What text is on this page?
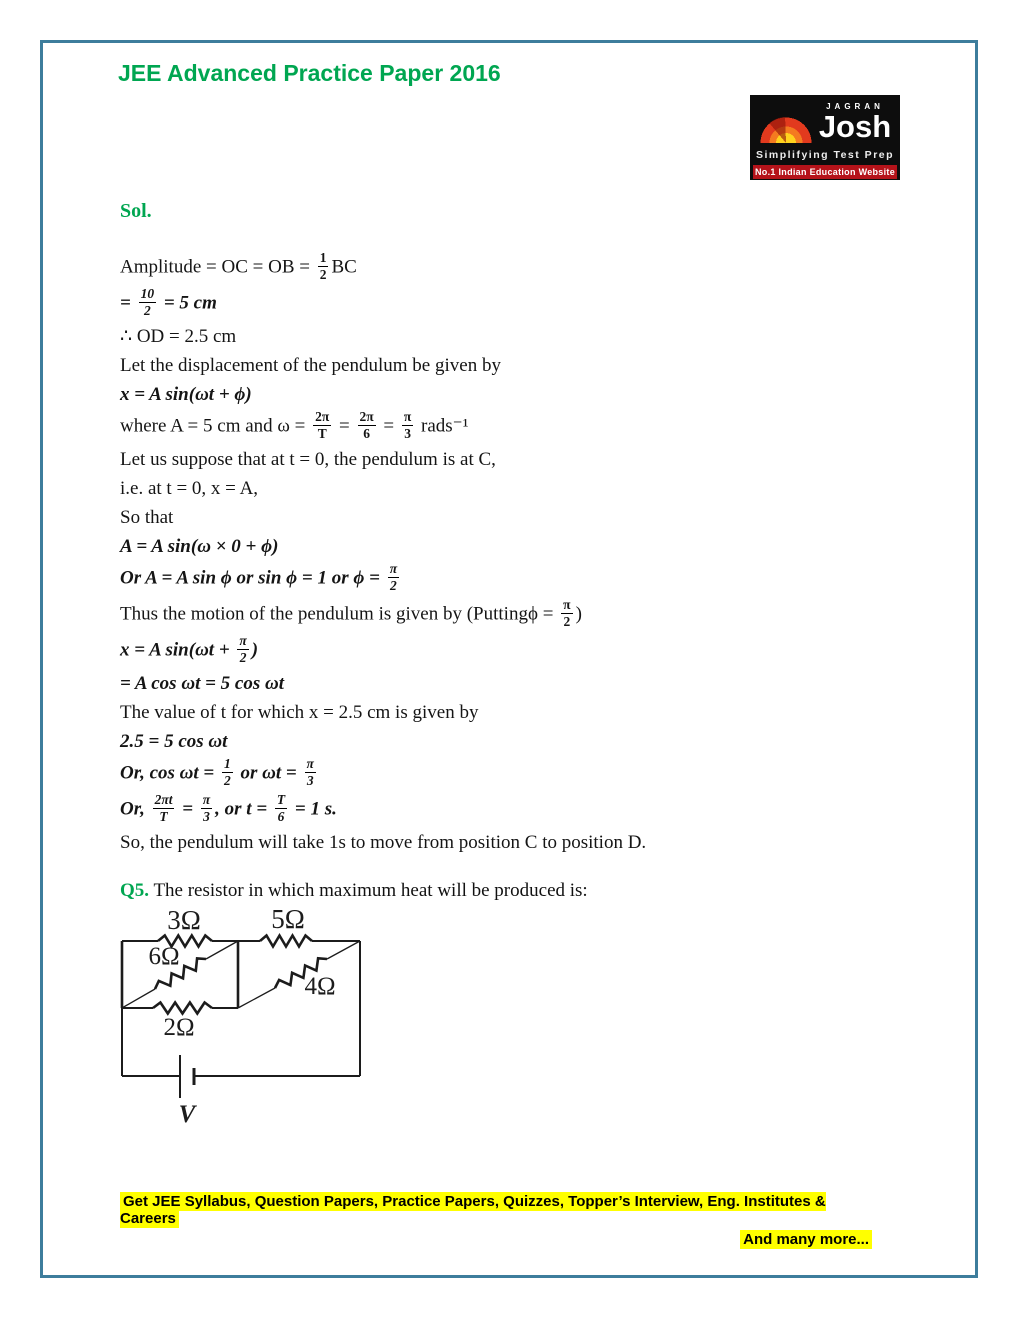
JEE Advanced Practice Paper 2016
JAGRAN
Josh
Simplifying Test Prep
No.1 Indian Education Website
Sol.
Amplitude = OC = OB = $\frac{1}{2}$ BC
= $\frac{10}{2} = 5$ cm
∴ OD = 2.5 cm
Let the displacement of the pendulum be given by
x = A sin(ωt + ϕ)
where A = 5 cm and $\omega = \frac{2\pi}{T} = \frac{2\pi}{6} = \frac{\pi}{3}$ rads⁻¹
Let us suppose that at t = 0, the pendulum is at C,
i.e. at t = 0, x = A,
So that
A = A sin(ω × 0 + ϕ)
Or A = A sin ϕ or sin ϕ = 1 or $\phi = \frac{\pi}{2}$
Thus the motion of the pendulum is given by (Puttingϕ = $\frac{\pi}{2}$ )
x = A $\sin(\omega t + \frac{\pi}{2}$ )
= A cos ωt = 5 cos ωt
The value of t for which x = 2.5 cm is given by
2.5 = 5 cos ωt
Or, $\cos \omega t = \frac{1}{2}$ or $\omega t = \frac{\pi}{3}$
Or, $\frac{2\pi t}{T} = \frac{\pi}{3}$ , or $t = \frac{T}{6} = 1$ s.
So, the pendulum will take 1s to move from position C to position D.
Q5. The resistor in which maximum heat will be produced is:
3Ω	5Ω
6Ω
2Ω
4Ω
V
Get JEE Syllabus, Question Papers, Practice Papers, Quizzes, Topper’s Interview, Eng. Institutes & Careers
And many more...
